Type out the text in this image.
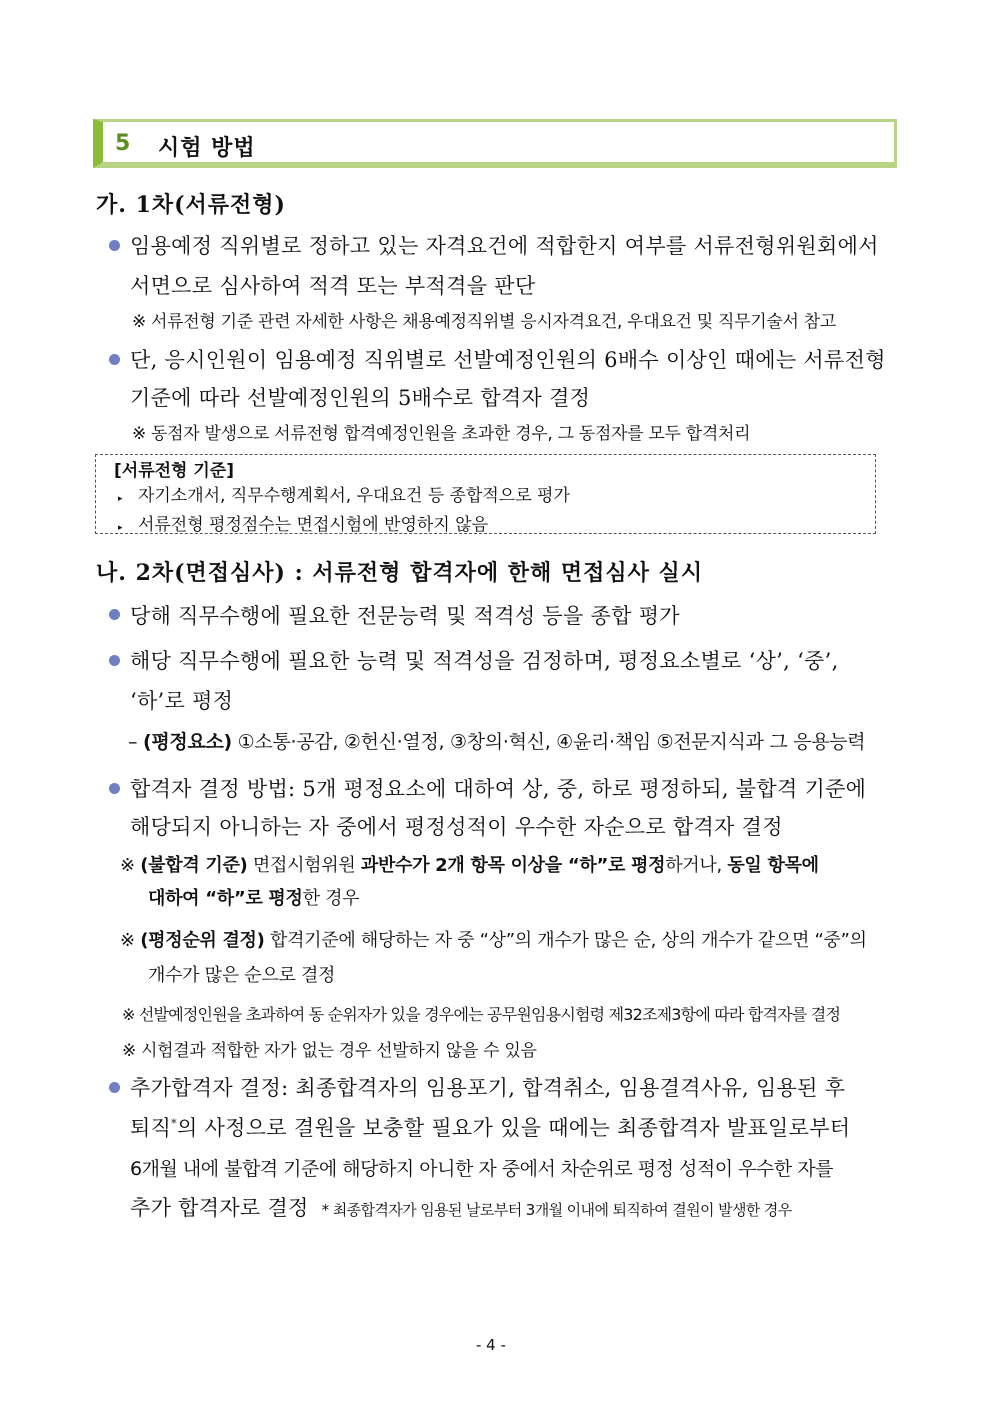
5 시험 방법
가. 1차(서류전형)
임용예정 직위별로 정하고 있는 자격요건에 적합한지 여부를 서류전형위원회에서
서면으로 심사하여 적격 또는 부적격을 판단
※ 서류전형 기준 관련 자세한 사항은 채용예정직위별 응시자격요건, 우대요건 및 직무기술서 참고
단, 응시인원이 임용예정 직위별로 선발예정인원의 6배수 이상인 때에는 서류전형
기준에 따라 선발예정인원의 5배수로 합격자 결정
※ 동점자 발생으로 서류전형 합격예정인원을 초과한 경우, 그 동점자를 모두 합격처리
[서류전형 기준]
▸ 자기소개서, 직무수행계획서, 우대요건 등 종합적으로 평가
▸ 서류전형 평정점수는 면접시험에 반영하지 않음
나. 2차(면접심사) : 서류전형 합격자에 한해 면접심사 실시
당해 직무수행에 필요한 전문능력 및 적격성 등을 종합 평가
해당 직무수행에 필요한 능력 및 적격성을 검정하며, 평정요소별로 ‘상’, ‘중’,
‘하’로 평정
– (평정요소) ①소통·공감, ②헌신·열정, ③창의·혁신, ④윤리·책임 ⑤전문지식과 그 응용능력
합격자 결정 방법: 5개 평정요소에 대하여 상, 중, 하로 평정하되, 불합격 기준에
해당되지 아니하는 자 중에서 평정성적이 우수한 자순으로 합격자 결정
※ (불합격 기준) 면접시험위원 과반수가 2개 항목 이상을 “하”로 평정하거나, 동일 항목에
대하여 “하”로 평정한 경우
※ (평정순위 결정) 합격기준에 해당하는 자 중 “상”의 개수가 많은 순, 상의 개수가 같으면 “중”의
개수가 많은 순으로 결정
※ 선발예정인원을 초과하여 동 순위자가 있을 경우에는 공무원임용시험령 제32조제3항에 따라 합격자를 결정
※ 시험결과 적합한 자가 없는 경우 선발하지 않을 수 있음
추가합격자 결정: 최종합격자의 임용포기, 합격취소, 임용결격사유, 임용된 후
퇴직*의 사정으로 결원을 보충할 필요가 있을 때에는 최종합격자 발표일로부터
6개월 내에 불합격 기준에 해당하지 아니한 자 중에서 차순위로 평정 성적이 우수한 자를
추가 합격자로 결정 * 최종합격자가 임용된 날로부터 3개월 이내에 퇴직하여 결원이 발생한 경우
- 4 -
